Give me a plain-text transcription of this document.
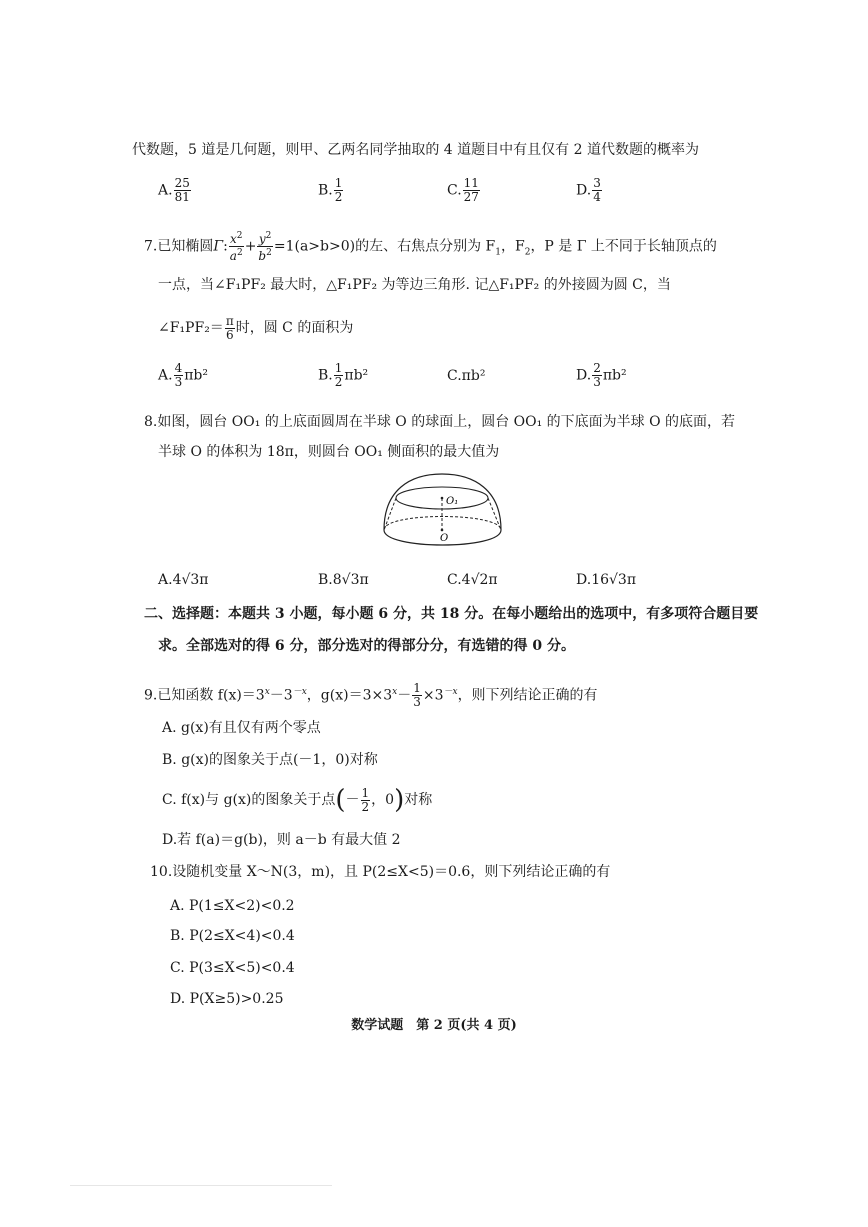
代数题，5 道是几何题，则甲、乙两名同学抽取的 4 道题目中有且仅有 2 道代数题的概率为
A. $\frac{25}{81}$	B. $\frac{1}{2}$	C. $\frac{11}{27}$	D. $\frac{3}{4}$
7.已知椭圆Γ: $\frac{x^2}{a^2} + \frac{y^2}{b^2} =1(a>b>0)$的左、右焦点分别为 $F_1$，$F_2$，P 是 Γ 上不同于长轴顶点的
一点，当∠F₁PF₂ 最大时，△F₁PF₂ 为等边三角形. 记△F₁PF₂ 的外接圆为圆 C，当
∠F₁PF₂＝ $\frac{\pi}{6}$ 时，圆 C 的面积为
A. $\frac{4}{3} \pi b^2$	B. $\frac{1}{2} \pi b^2$	C.πb²	D. $\frac{2}{3} \pi b^2$
8.如图，圆台 OO₁ 的上底面圆周在半球 O 的球面上，圆台 OO₁ 的下底面为半球 O 的底面，若
半球 O 的体积为 18π，则圆台 OO₁ 侧面积的最大值为
O₁
O
A.4√3π	B.8√3π	C.4√2π	D.16√3π
二、选择题：本题共 3 小题，每小题 6 分，共 18 分。在每小题给出的选项中，有多项符合题目要
求。全部选对的得 6 分，部分选对的得部分分，有选错的得 0 分。
9.已知函数 $f(x)=3^x-3^{-x}$，$g(x)=3\times 3^x- \frac{1}{3} \times 3^{-x}$，则下列结论正确的有
A. g(x)有且仅有两个零点
B. g(x)的图象关于点(－1，0)对称
C. f(x)与 g(x)的图象关于点(－ $\frac{1}{2}$ ，0)对称
D.若 f(a)＝g(b)，则 a－b 有最大值 2
10.设随机变量 X～N(3，m)，且 P(2≤X<5)＝0.6，则下列结论正确的有
A. P(1≤X<2)<0.2
B. P(2≤X<4)<0.4
C. P(3≤X<5)<0.4
D. P(X≥5)>0.25
数学试题　第 2 页(共 4 页)
